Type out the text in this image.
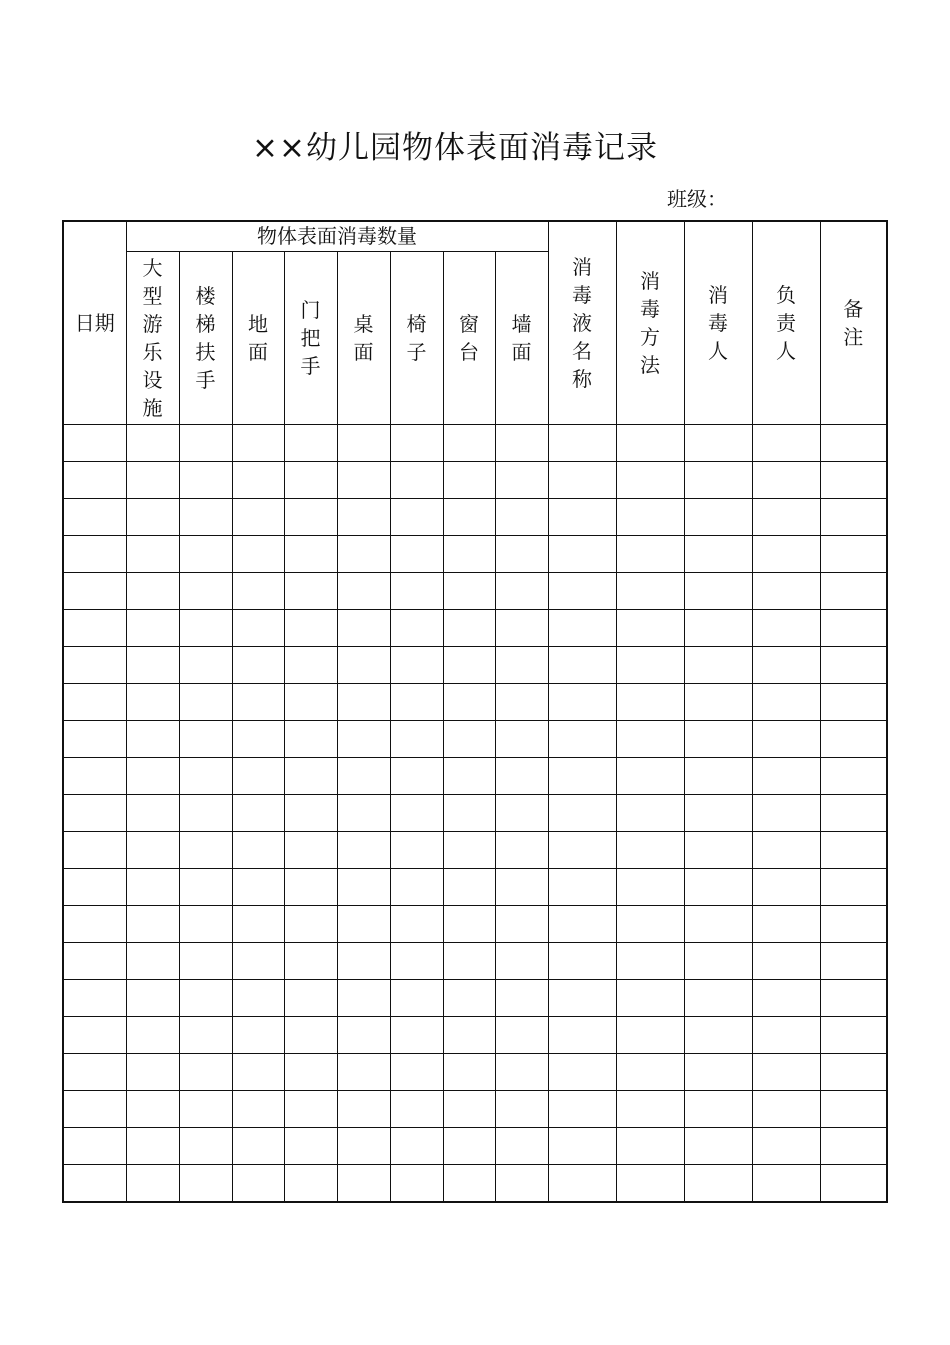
××幼儿园物体表面消毒记录
班级：
日期	物体表面消毒数量								消毒液名称	消毒方法	消毒人	负责人	备注
	大型游乐设施	楼梯扶手	地面	门把手	桌面	椅子	窗台	墙面					
